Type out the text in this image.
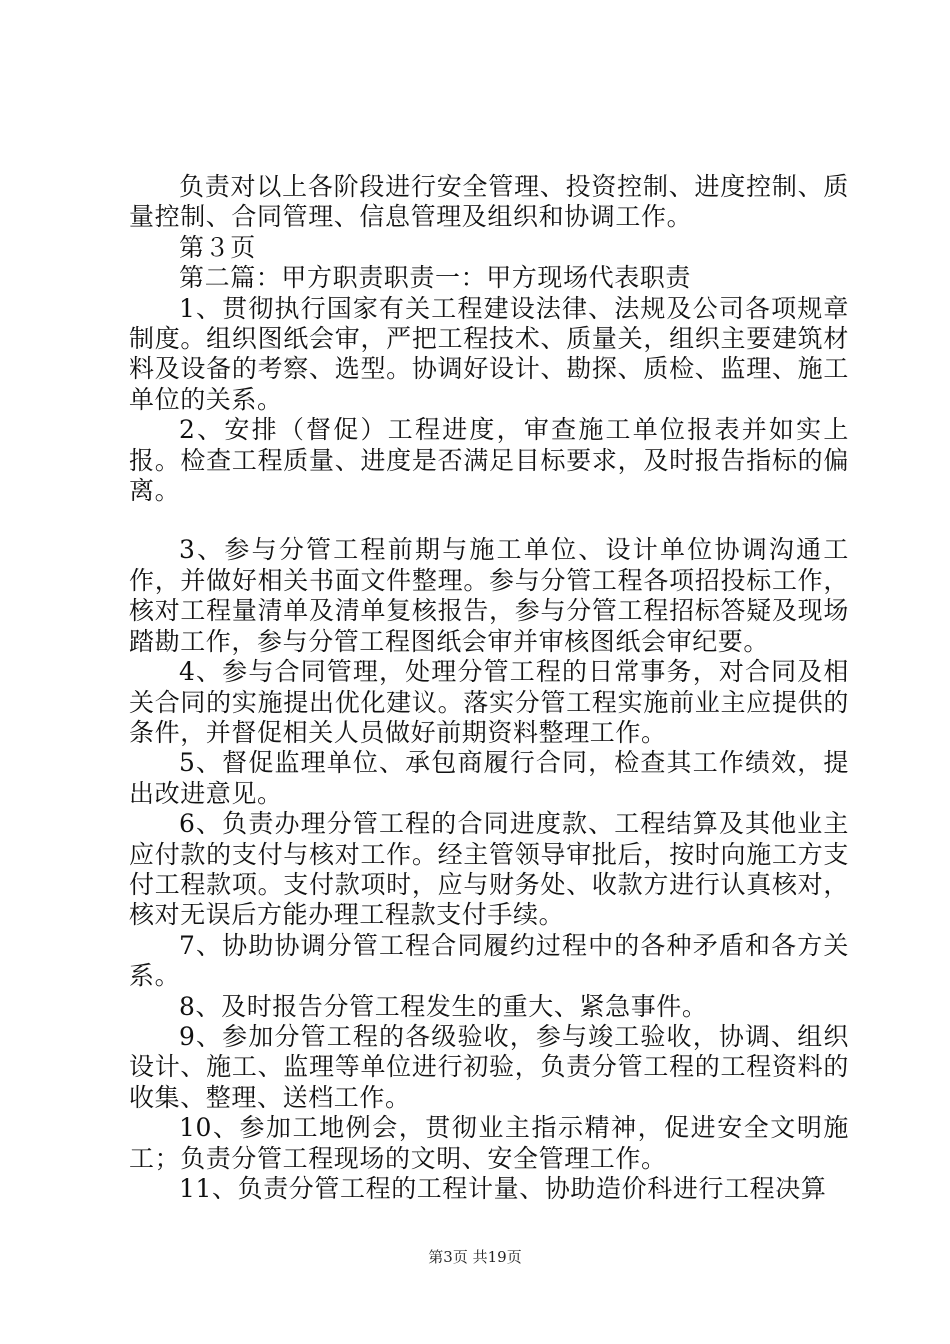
负责对以上各阶段进行安全管理、投资控制、进度控制、质量控制、合同管理、信息管理及组织和协调工作。

第３页

第二篇：甲方职责职责一：甲方现场代表职责

1、贯彻执行国家有关工程建设法律、法规及公司各项规章制度。组织图纸会审，严把工程技术、质量关，组织主要建筑材料及设备的考察、选型。协调好设计、勘探、质检、监理、施工单位的关系。

2、安排（督促）工程进度，审查施工单位报表并如实上报。检查工程质量、进度是否满足目标要求，及时报告指标的偏离。

3、参与分管工程前期与施工单位、设计单位协调沟通工作，并做好相关书面文件整理。参与分管工程各项招投标工作，核对工程量清单及清单复核报告，参与分管工程招标答疑及现场踏勘工作，参与分管工程图纸会审并审核图纸会审纪要。

4、参与合同管理，处理分管工程的日常事务，对合同及相关合同的实施提出优化建议。落实分管工程实施前业主应提供的条件，并督促相关人员做好前期资料整理工作。

5、督促监理单位、承包商履行合同，检查其工作绩效，提出改进意见。

6、负责办理分管工程的合同进度款、工程结算及其他业主应付款的支付与核对工作。经主管领导审批后，按时向施工方支付工程款项。支付款项时，应与财务处、收款方进行认真核对，核对无误后方能办理工程款支付手续。

7、协助协调分管工程合同履约过程中的各种矛盾和各方关系。

8、及时报告分管工程发生的重大、紧急事件。

9、参加分管工程的各级验收，参与竣工验收，协调、组织设计、施工、监理等单位进行初验，负责分管工程的工程资料的收集、整理、送档工作。

10、参加工地例会，贯彻业主指示精神，促进安全文明施工；负责分管工程现场的文明、安全管理工作。

11、负责分管工程的工程计量、协助造价科进行工程决算

第3页 共19页
